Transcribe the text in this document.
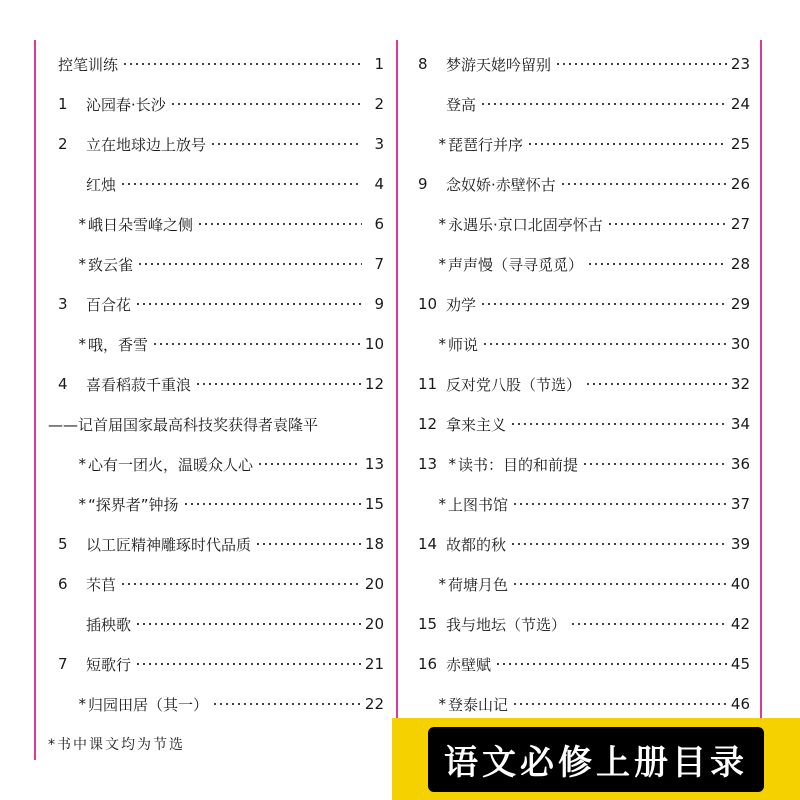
控笔训练	1
1	沁园春·长沙	2
2	立在地球边上放号	3
红烛	4
* 峨日朵雪峰之侧	6
* 致云雀	7
3	百合花	9
* 哦，香雪	10
4	喜看稻菽千重浪	12
——记首届国家最高科技奖获得者袁隆平
* 心有一团火，温暖众人心	13
* “探界者”钟扬	15
5	以工匠精神雕琢时代品质	18
6	芣苢	20
插秧歌	20
7	短歌行	21
* 归园田居（其一）	22
8	梦游天姥吟留别	23
登高	24
* 琵琶行并序	25
9	念奴娇·赤壁怀古	26
* 永遇乐·京口北固亭怀古	27
* 声声慢（寻寻觅觅）	28
10 劝学	29
* 师说	30
11 反对党八股（节选）	32
12 拿来主义	34
13 * 读书：目的和前提	36
* 上图书馆	37
14 故都的秋	39
* 荷塘月色	40
15 我与地坛（节选）	42
16 赤壁赋	45
* 登泰山记	46
*书中课文均为节选	语文必修上册目录
